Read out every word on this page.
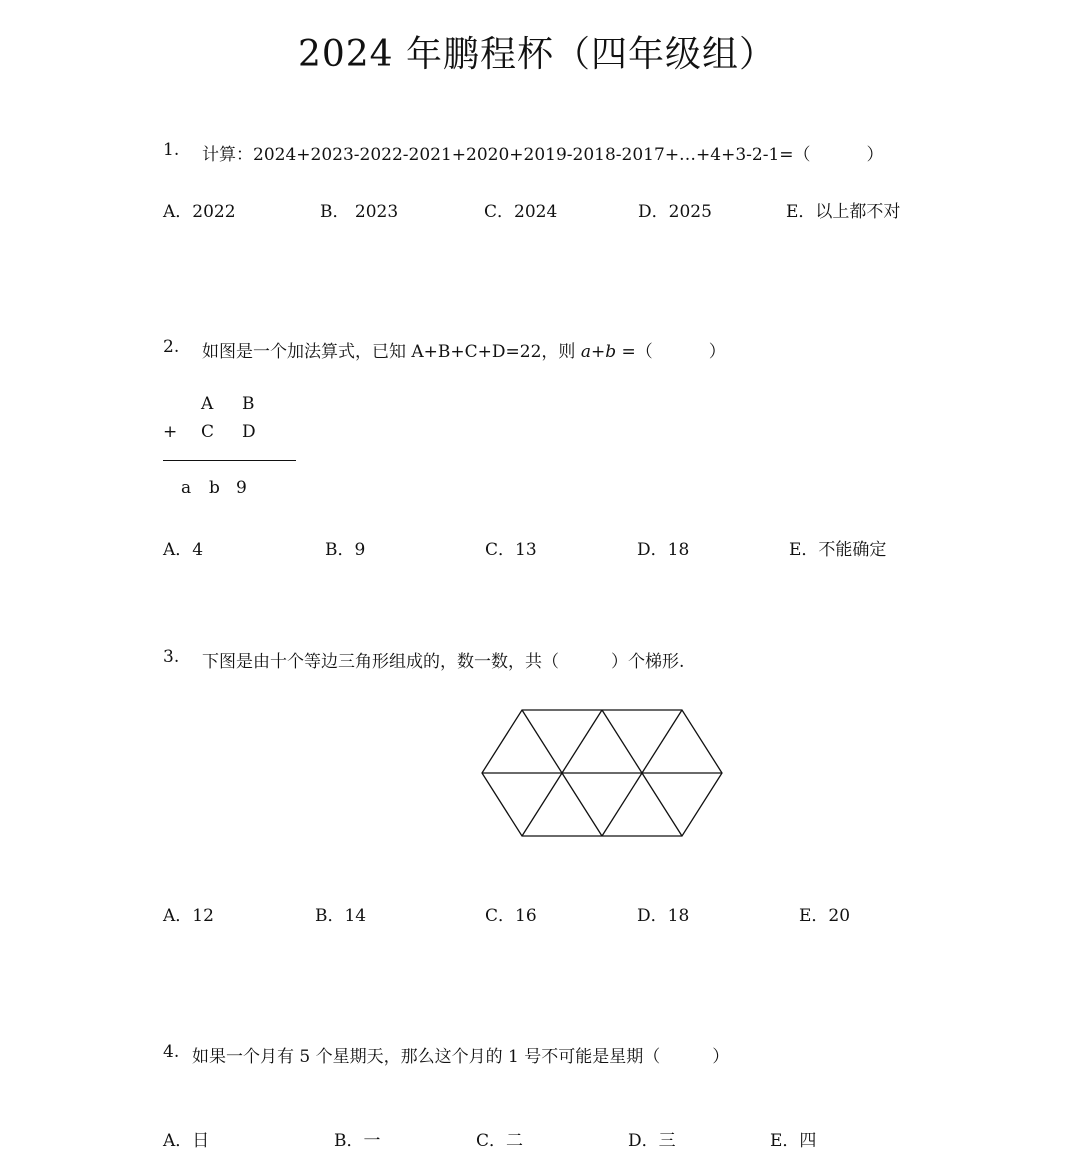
2024 年鹏程杯（四年级组）
1. 计算：2024+2023-2022-2021+2020+2019-2018-2017+…+4+3-2-1=（	）
A．2022	B． 2023	C．2024	D．2025	E．以上都不对
2. 如图是一个加法算式，已知 A+B+C+D=22，则 a+b =（	）
A B
+ C D
a b 9
A．4	B．9	C．13	D．18	E．不能确定
3. 下图是由十个等边三角形组成的，数一数，共（	）个梯形.
A．12	B．14	C．16	D．18	E．20
4. 如果一个月有 5 个星期天，那么这个月的 1 号不可能是星期（	）
A．日	B．一	C．二	D．三	E．四
